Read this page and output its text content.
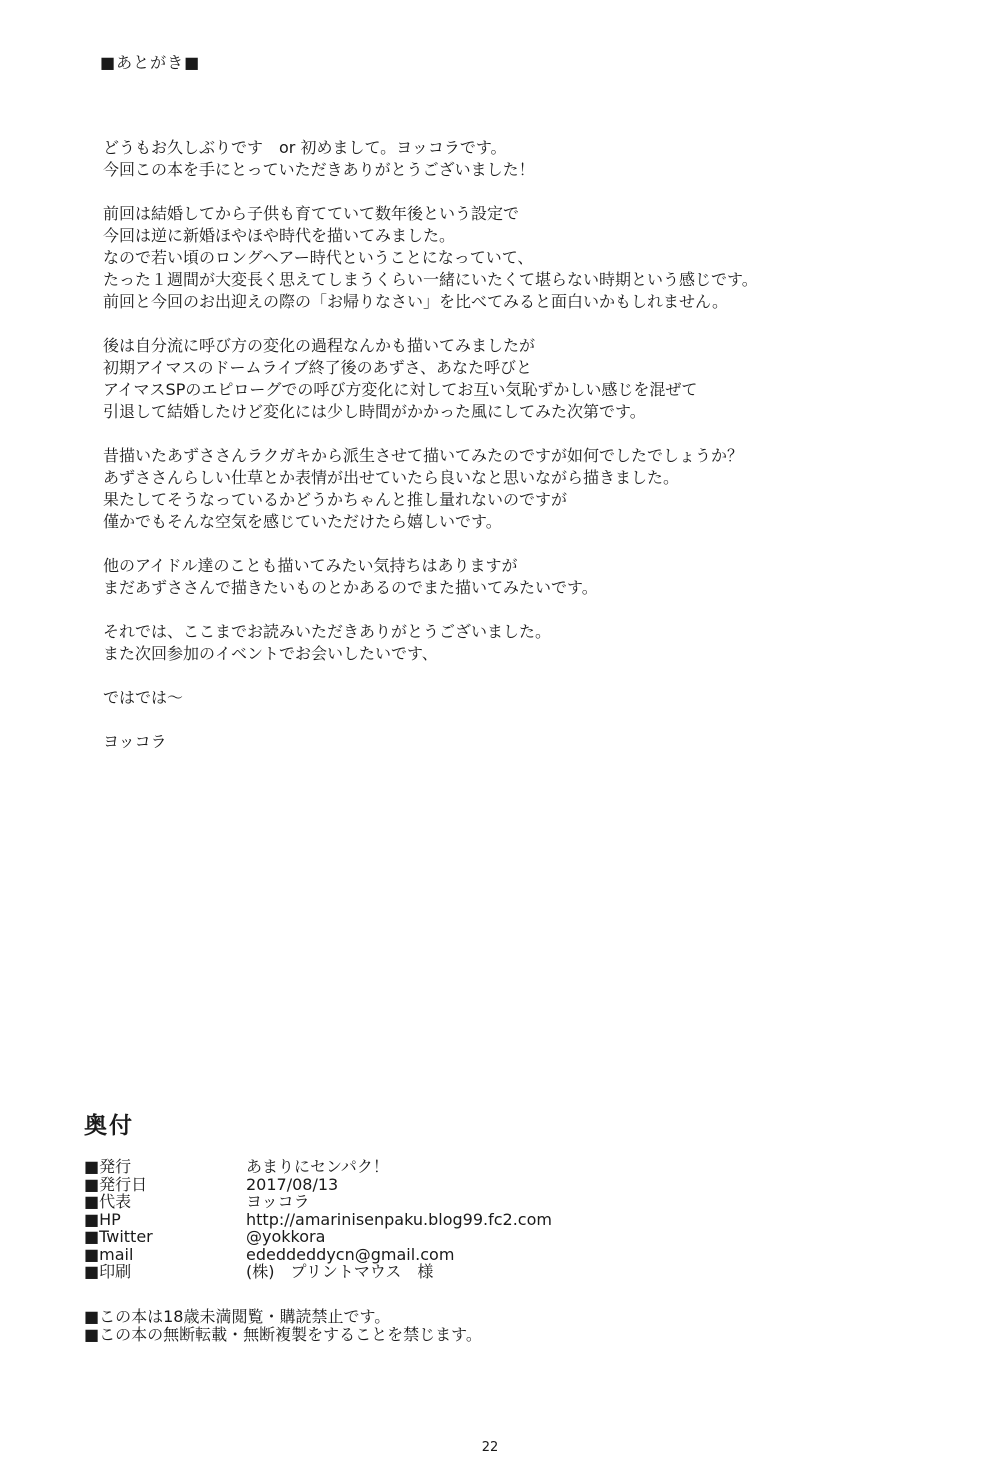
■あとがき■

どうもお久しぶりです　or 初めまして。ヨッコラです。
今回この本を手にとっていただきありがとうございました！

前回は結婚してから子供も育てていて数年後という設定で
今回は逆に新婚ほやほや時代を描いてみました。
なので若い頃のロングヘアー時代ということになっていて、
たった１週間が大変長く思えてしまうくらい一緒にいたくて堪らない時期という感じです。
前回と今回のお出迎えの際の「お帰りなさい」を比べてみると面白いかもしれません。

後は自分流に呼び方の変化の過程なんかも描いてみましたが
初期アイマスのドームライブ終了後のあずさ、あなた呼びと
アイマスSPのエピローグでの呼び方変化に対してお互い気恥ずかしい感じを混ぜて
引退して結婚したけど変化には少し時間がかかった風にしてみた次第です。

昔描いたあずささんラクガキから派生させて描いてみたのですが如何でしたでしょうか？
あずささんらしい仕草とか表情が出せていたら良いなと思いながら描きました。
果たしてそうなっているかどうかちゃんと推し量れないのですが
僅かでもそんな空気を感じていただけたら嬉しいです。

他のアイドル達のことも描いてみたい気持ちはありますが
まだあずささんで描きたいものとかあるのでまた描いてみたいです。

それでは、ここまでお読みいただきありがとうございました。
また次回参加のイベントでお会いしたいです、

ではでは～

ヨッコラ

奥付
■発行	あまりにセンパク！
■発行日	2017/08/13
■代表	ヨッコラ
■HP	http://amarinisenpaku.blog99.fc2.com
■Twitter	@yokkora
■mail	ededdeddycn@gmail.com
■印刷	(株)　プリントマウス　様
■この本は18歳未満閲覧・購読禁止です。
■この本の無断転載・無断複製をすることを禁じます。
22
